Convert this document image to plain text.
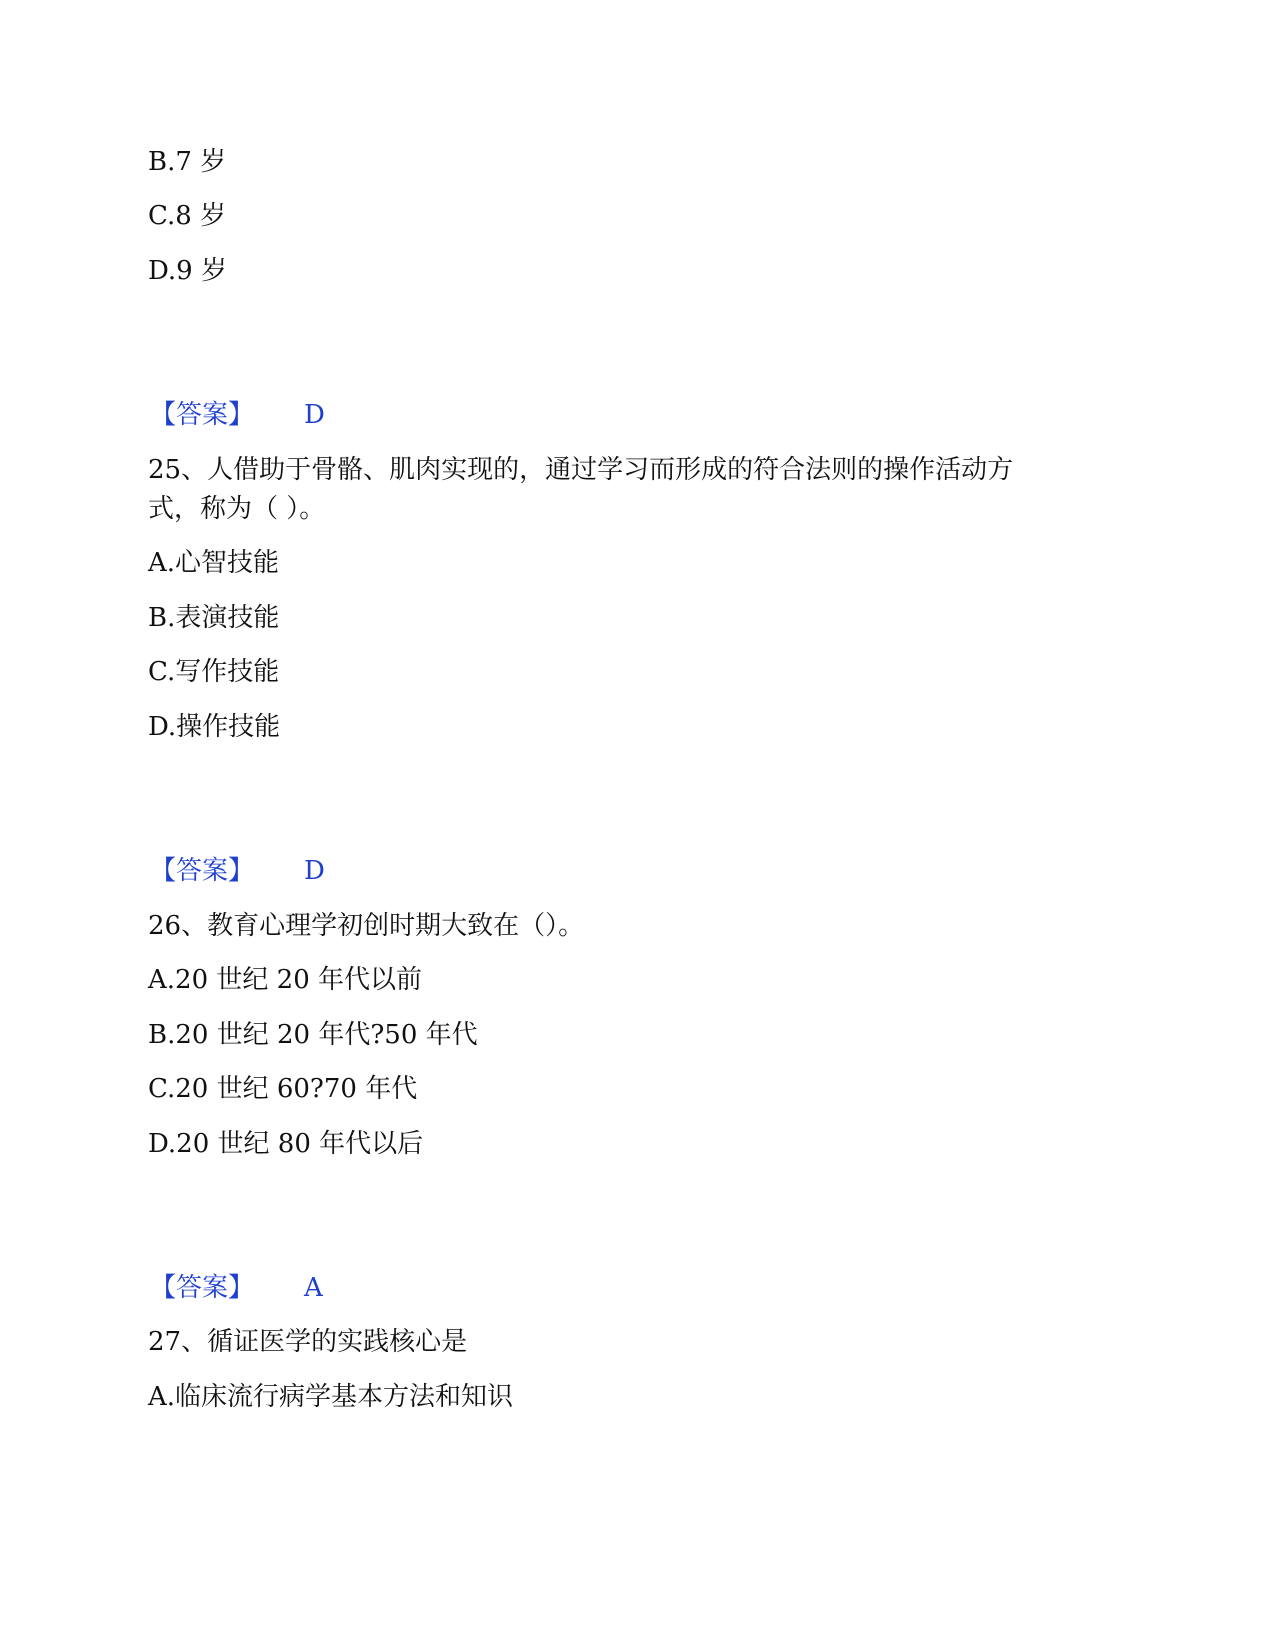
B.7 岁
C.8 岁
D.9 岁
【答案】 D
25、人借助于骨骼、肌肉实现的，通过学习而形成的符合法则的操作活动方
式，称为（ ）。
A.心智技能
B.表演技能
C.写作技能
D.操作技能
【答案】 D
26、教育心理学初创时期大致在（）。
A.20 世纪 20 年代以前
B.20 世纪 20 年代?50 年代
C.20 世纪 60?70 年代
D.20 世纪 80 年代以后
【答案】 A
27、循证医学的实践核心是
A.临床流行病学基本方法和知识
